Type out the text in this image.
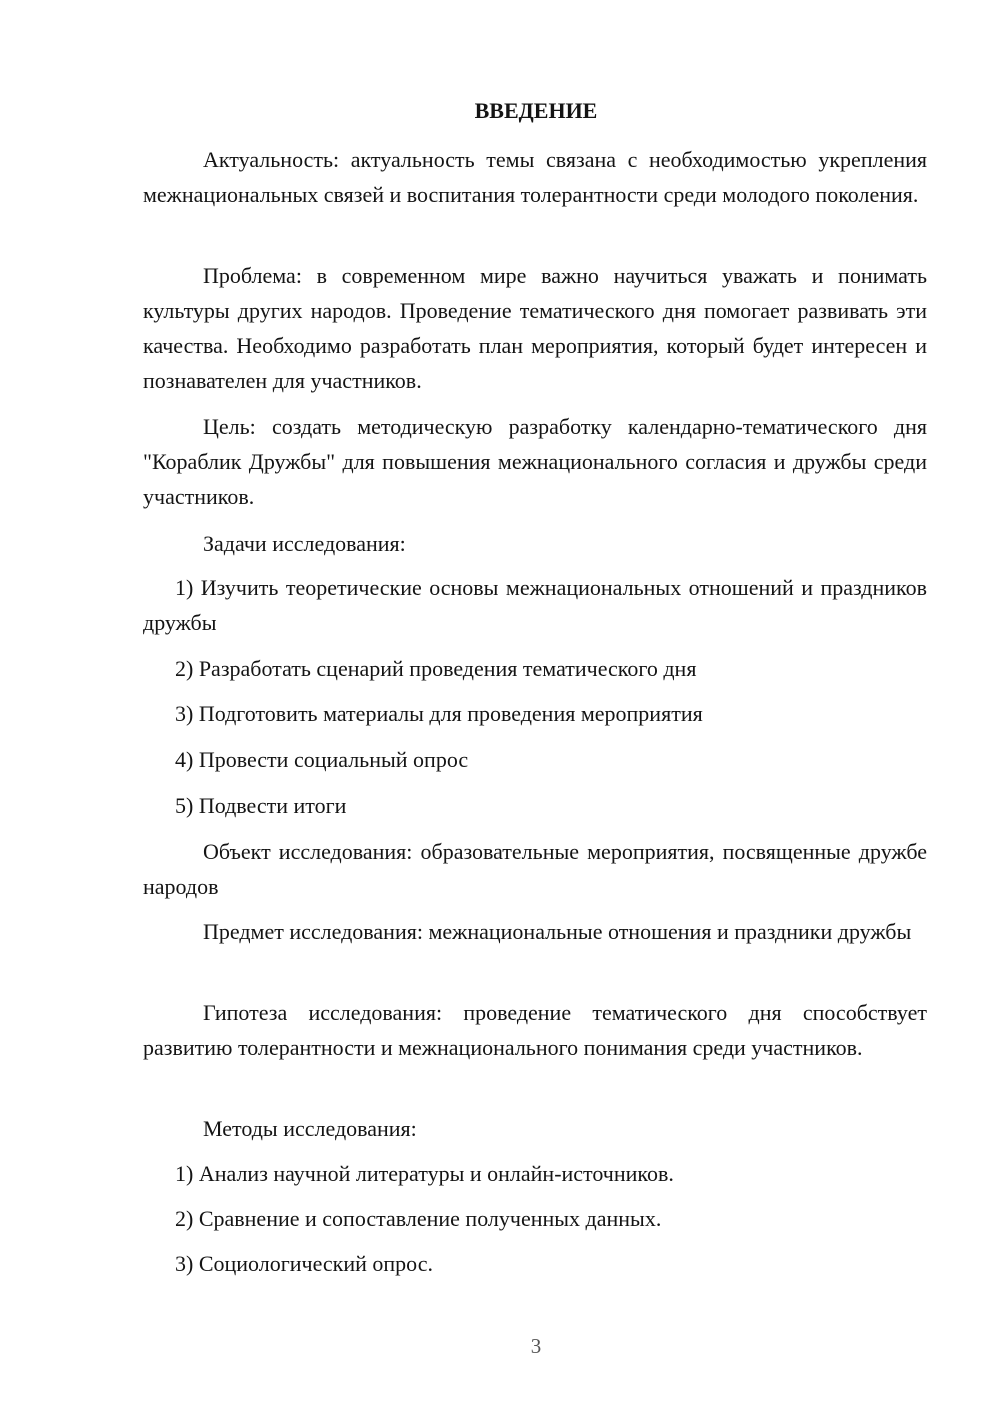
ВВЕДЕНИЕ

Актуальность: актуальность темы связана с необходимостью укрепления межнациональных связей и воспитания толерантности среди молодого поколения.

Проблема: в современном мире важно научиться уважать и понимать культуры других народов. Проведение тематического дня помогает развивать эти качества. Необходимо разработать план мероприятия, который будет интересен и познавателен для участников.

Цель: создать методическую разработку календарно-тематического дня "Кораблик Дружбы" для повышения межнационального согласия и дружбы среди участников.

Задачи исследования:

1) Изучить теоретические основы межнациональных отношений и праздников дружбы

2) Разработать сценарий проведения тематического дня

3) Подготовить материалы для проведения мероприятия

4) Провести социальный опрос

5) Подвести итоги

Объект исследования: образовательные мероприятия, посвященные дружбе народов

Предмет исследования: межнациональные отношения и праздники дружбы

Гипотеза исследования: проведение тематического дня способствует развитию толерантности и межнационального понимания среди участников.

Методы исследования:

1) Анализ научной литературы и онлайн-источников.

2) Сравнение и сопоставление полученных данных.

3) Социологический опрос.

3
